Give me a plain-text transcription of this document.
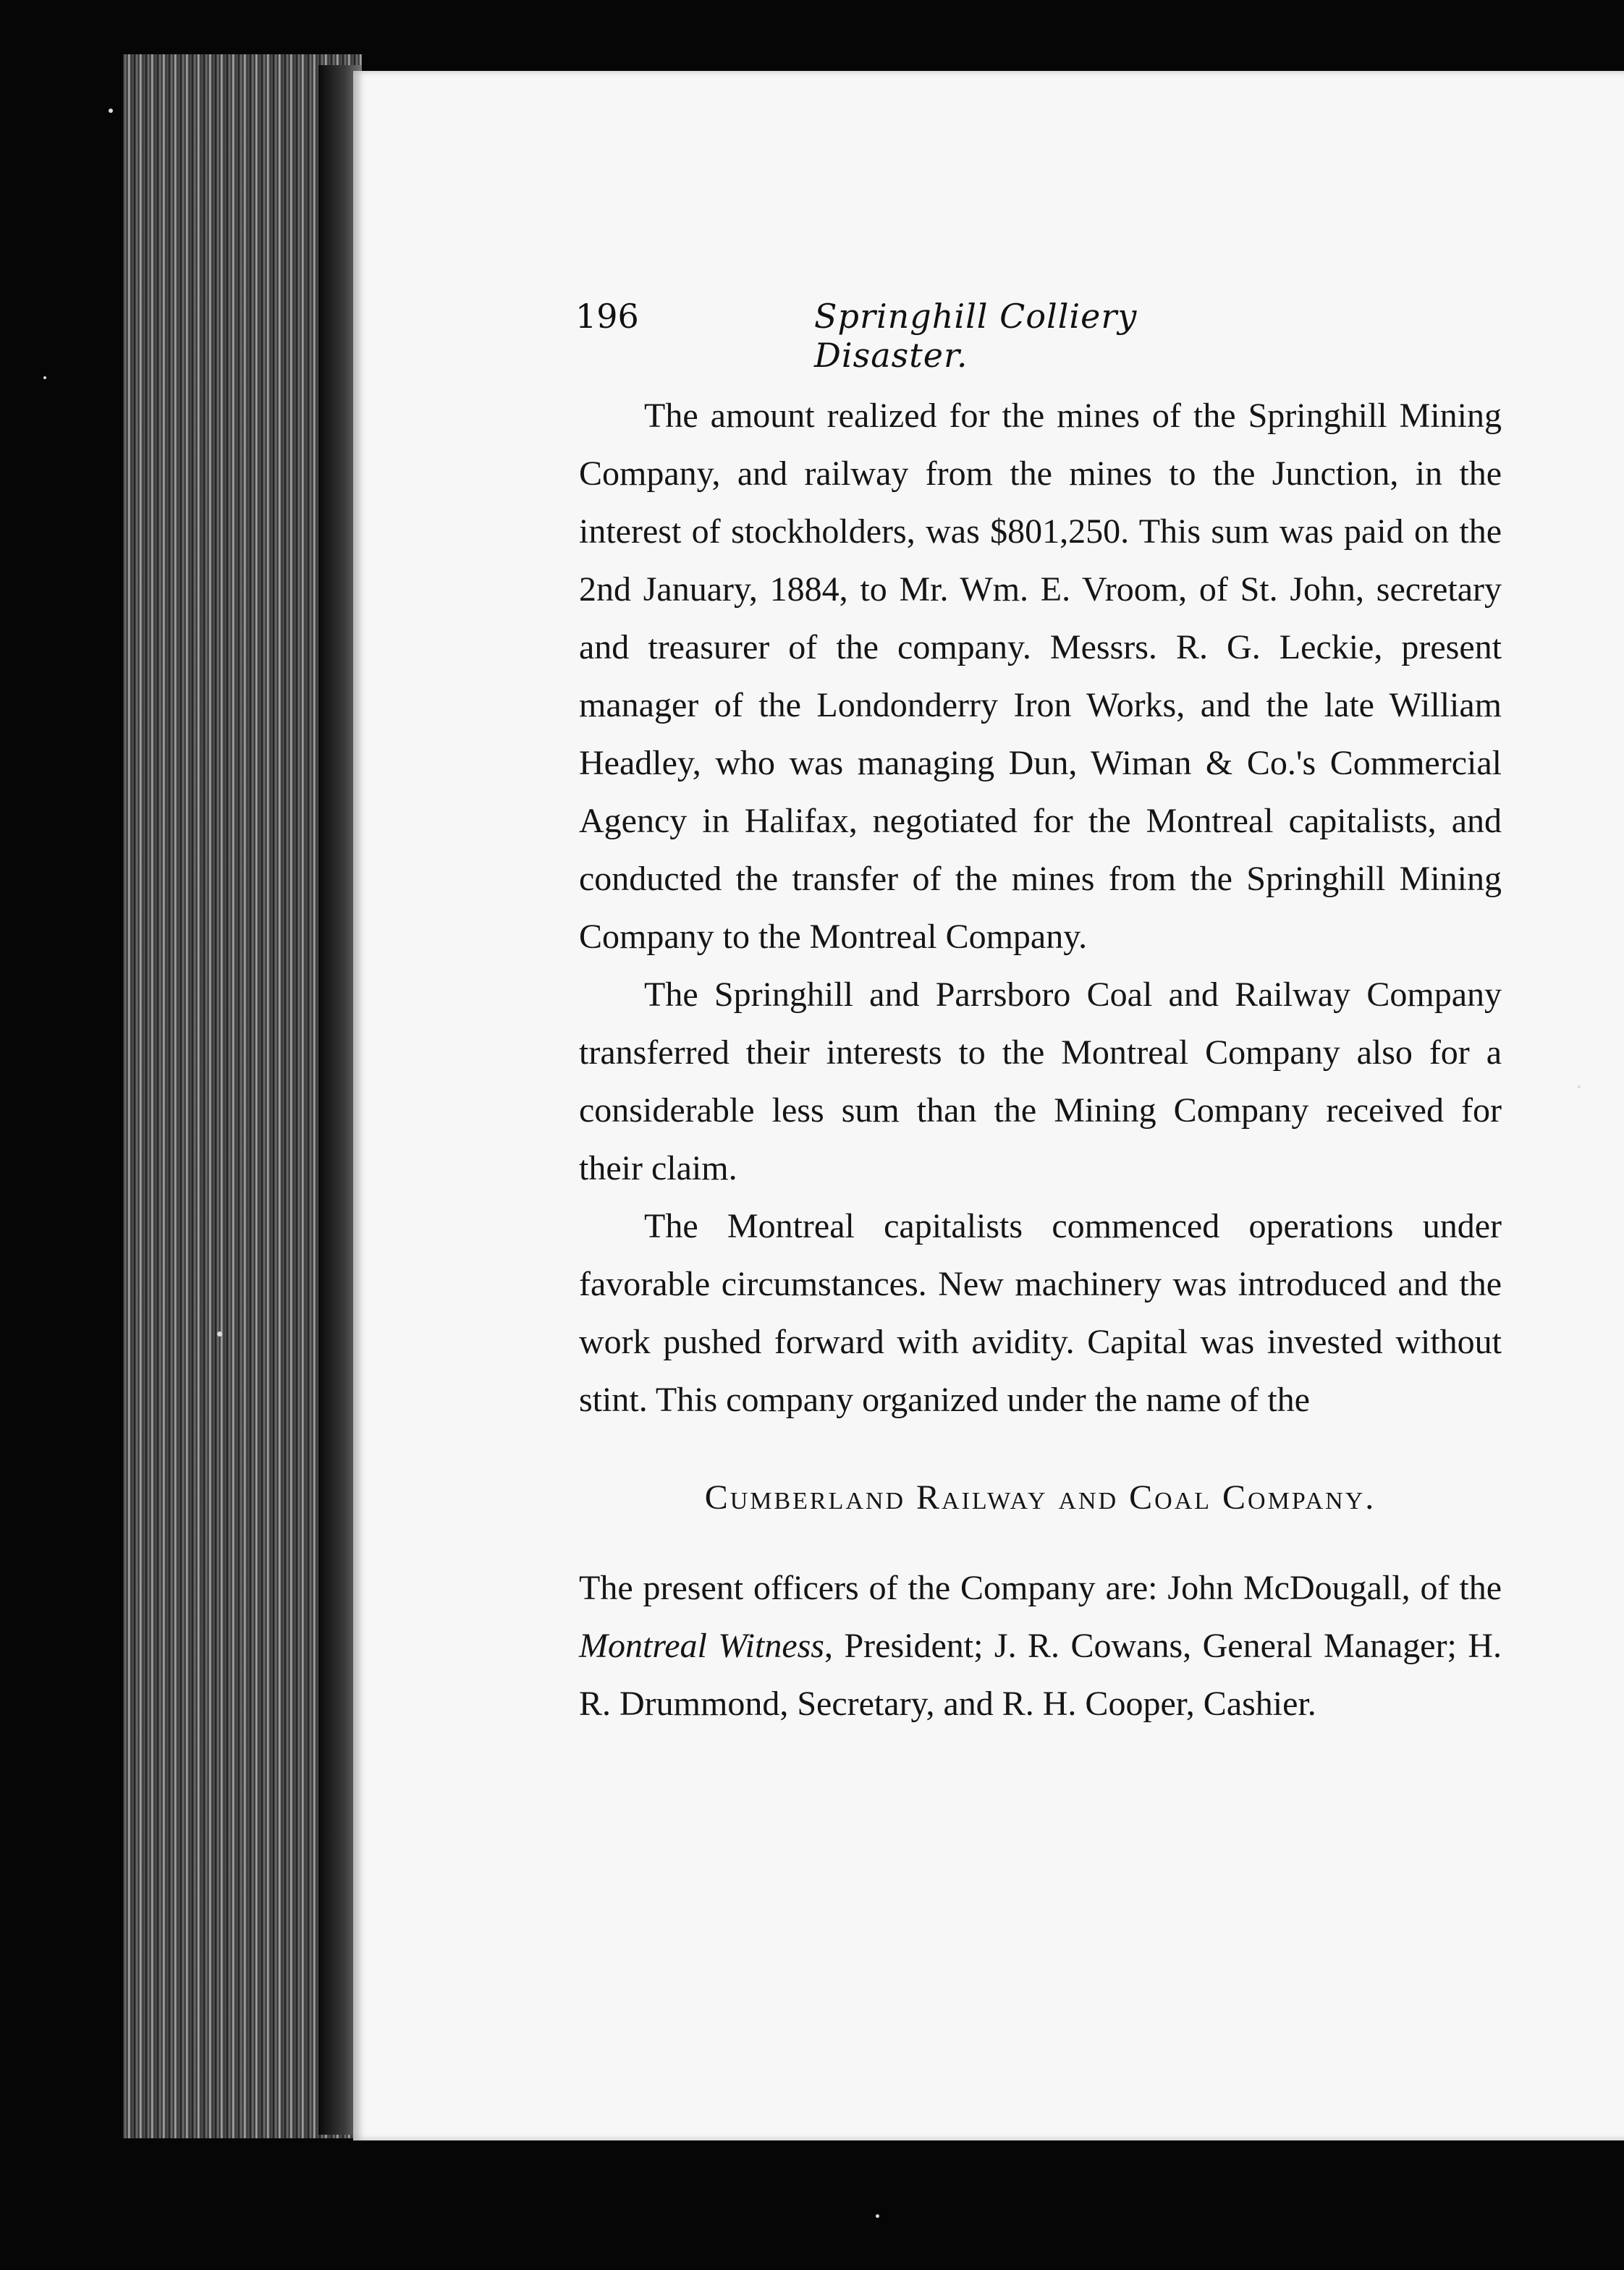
196	Springhill Colliery Disaster.

The amount realized for the mines of the Springhill Mining Company, and railway from the mines to the Junction, in the interest of stockholders, was $801,250. This sum was paid on the 2nd January, 1884, to Mr. Wm. E. Vroom, of St. John, secretary and treasurer of the company. Messrs. R. G. Leckie, present manager of the Londonderry Iron Works, and the late William Headley, who was managing Dun, Wiman & Co.'s Commercial Agency in Halifax, negotiated for the Montreal capitalists, and conducted the transfer of the mines from the Springhill Mining Company to the Montreal Company.

The Springhill and Parrsboro Coal and Railway Company transferred their interests to the Montreal Company also for a considerable less sum than the Mining Company received for their claim.

The Montreal capitalists commenced operations under favorable circumstances. New machinery was introduced and the work pushed forward with avidity. Capital was invested without stint. This company organized under the name of the

Cumberland Railway and Coal Company.

The present officers of the Company are: John McDougall, of the Montreal Witness, President; J. R. Cowans, General Manager; H. R. Drummond, Secretary, and R. H. Cooper, Cashier.
